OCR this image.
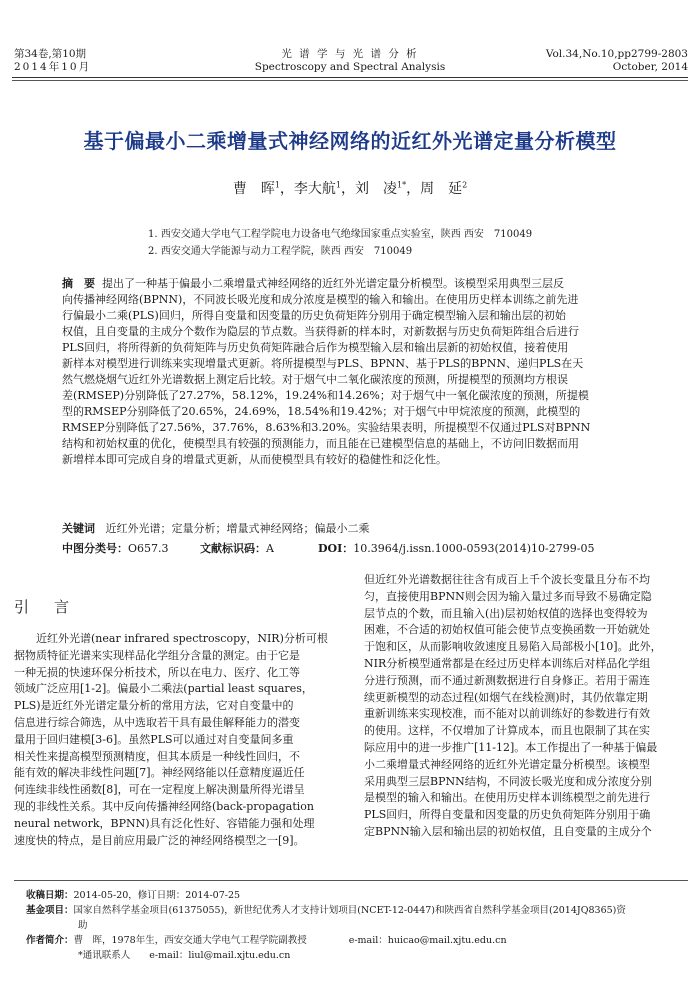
第34卷,第10期
2014年10月
光 谱 学 与 光 谱 分 析
Spectroscopy and Spectral Analysis
Vol.34,No.10,pp2799-2803
October, 2014
基于偏最小二乘增量式神经网络的近红外光谱定量分析模型
曹　晖$^1$，李大航$^1$，刘　凌$^{1*}$，周　延$^2$
1. 西安交通大学电气工程学院电力设备电气绝缘国家重点实验室，陕西 西安　710049
2. 西安交通大学能源与动力工程学院，陕西 西安　710049
摘　要 提出了一种基于偏最小二乘增量式神经网络的近红外光谱定量分析模型。该模型采用典型三层反
向传播神经网络(BPNN)，不同波长吸光度和成分浓度是模型的输入和输出。在使用历史样本训练之前先进
行偏最小二乘(PLS)回归，所得自变量和因变量的历史负荷矩阵分别用于确定模型输入层和输出层的初始
权值，且自变量的主成分个数作为隐层的节点数。当获得新的样本时，对新数据与历史负荷矩阵组合后进行
PLS回归，将所得新的负荷矩阵与历史负荷矩阵融合后作为模型输入层和输出层新的初始权值，接着使用
新样本对模型进行训练来实现增量式更新。将所提模型与PLS、BPNN、基于PLS的BPNN、递归PLS在天
然气燃烧烟气近红外光谱数据上测定后比较。对于烟气中二氧化碳浓度的预测，所提模型的预测均方根误
差(RMSEP)分别降低了27.27%，58.12%，19.24%和14.26%；对于烟气中一氧化碳浓度的预测，所提模
型的RMSEP分别降低了20.65%，24.69%，18.54%和19.42%；对于烟气中甲烷浓度的预测，此模型的
RMSEP分别降低了27.56%，37.76%，8.63%和3.20%。实验结果表明，所提模型不仅通过PLS对BPNN
结构和初始权重的优化，使模型具有较强的预测能力，而且能在已建模型信息的基础上，不访问旧数据而用
新增样本即可完成自身的增量式更新，从而使模型具有较好的稳健性和泛化性。
关键词 近红外光谱；定量分析；增量式神经网络；偏最小二乘
中图分类号：O657.3	文献标识码：A	DOI：10.3964/j.issn.1000-0593(2014)10-2799-05
引　言
　　近红外光谱(near infrared spectroscopy，NIR)分析可根
据物质特征光谱来实现样品化学组分含量的测定。由于它是
一种无损的快速环保分析技术，所以在电力、医疗、化工等
领域广泛应用[1-2]。偏最小二乘法(partial least squares，
PLS)是近红外光谱定量分析的常用方法，它对自变量中的
信息进行综合筛选，从中选取若干具有最佳解释能力的潜变
量用于回归建模[3-6]。虽然PLS可以通过对自变量间多重
相关性来提高模型预测精度，但其本质是一种线性回归，不
能有效的解决非线性问题[7]。神经网络能以任意精度逼近任
何连续非线性函数[8]，可在一定程度上解决测量所得光谱呈
现的非线性关系。其中反向传播神经网络(back-propagation
neural network，BPNN)具有泛化性好、容错能力强和处理
速度快的特点，是目前应用最广泛的神经网络模型之一[9]。
但近红外光谱数据往往含有成百上千个波长变量且分布不均
匀，直接使用BPNN则会因为输入量过多而导致不易确定隐
层节点的个数，而且输入(出)层初始权值的选择也变得较为
困难，不合适的初始权值可能会使节点变换函数一开始就处
于饱和区，从而影响收敛速度且易陷入局部极小[10]。此外，
NIR分析模型通常都是在经过历史样本训练后对样品化学组
分进行预测，而不通过新测数据进行自身修正。若用于需连
续更新模型的动态过程(如烟气在线检测)时，其仍依靠定期
重新训练来实现校准，而不能对以前训练好的参数进行有效
的使用。这样，不仅增加了计算成本，而且也限制了其在实
际应用中的进一步推广[11-12]。本工作提出了一种基于偏最
小二乘增量式神经网络的近红外光谱定量分析模型。该模型
采用典型三层BPNN结构，不同波长吸光度和成分浓度分别
是模型的输入和输出。在使用历史样本训练模型之前先进行
PLS回归，所得自变量和因变量的历史负荷矩阵分别用于确
定BPNN输入层和输出层的初始权值，且自变量的主成分个
收稿日期：2014-05-20，修订日期：2014-07-25
基金项目：国家自然科学基金项目(61375055)，新世纪优秀人才支持计划项目(NCET-12-0447)和陕西省自然科学基金项目(2014JQ8365)资
助
作者简介：曹　晖，1978年生，西安交通大学电气工程学院副教授	e-mail：huicao@mail.xjtu.edu.cn
*通讯联系人　　e-mail：liul@mail.xjtu.edu.cn
